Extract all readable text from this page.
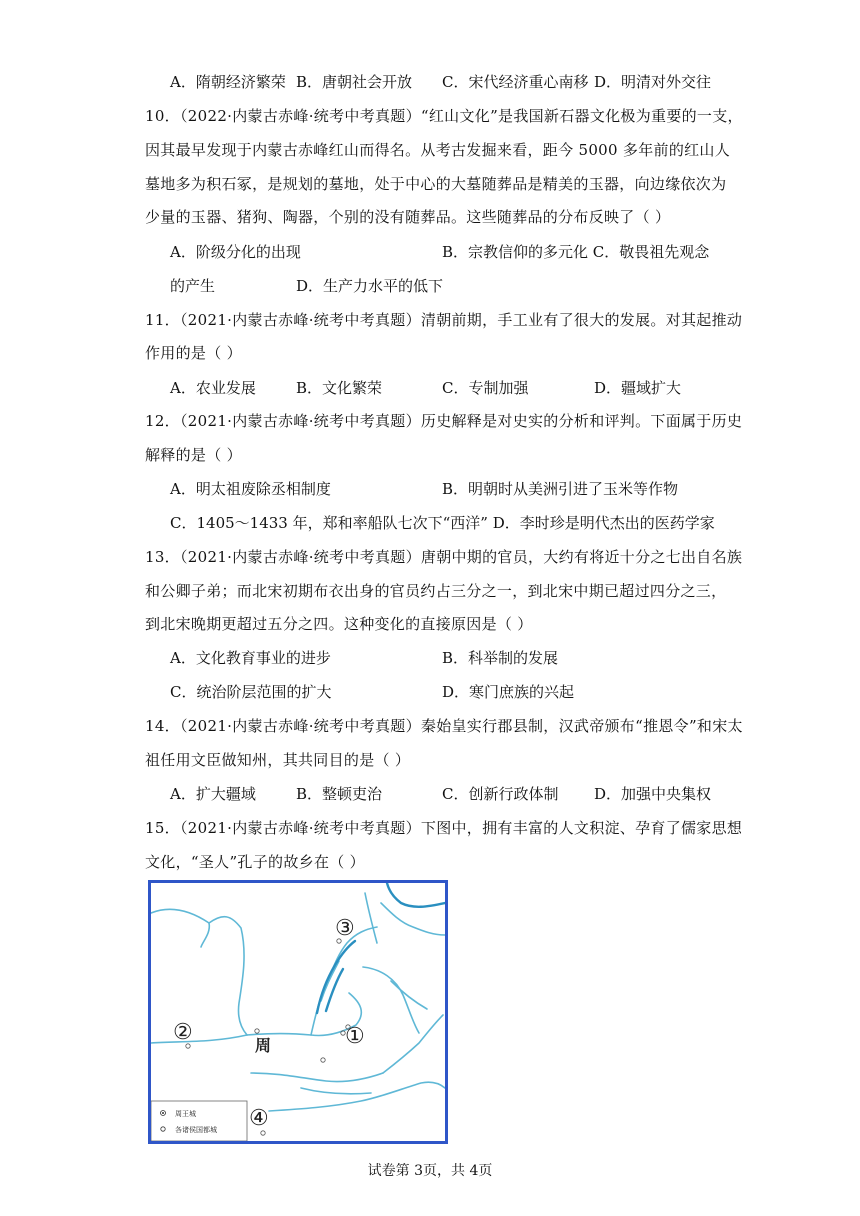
A．隋朝经济繁荣 B．唐朝社会开放 C．宋代经济重心南移 D．明清对外交往
10．（2022·内蒙古赤峰·统考中考真题）“红山文化”是我国新石器文化极为重要的一支，
因其最早发现于内蒙古赤峰红山而得名。从考古发掘来看，距今 5000 多年前的红山人
墓地多为积石冢，是规划的墓地，处于中心的大墓随葬品是精美的玉器，向边缘依次为
少量的玉器、猪狗、陶器，个别的没有随葬品。这些随葬品的分布反映了（ ）
A．阶级分化的出现	B．宗教信仰的多元化 C．敬畏祖先观念
的产生	D．生产力水平的低下
11．（2021·内蒙古赤峰·统考中考真题）清朝前期，手工业有了很大的发展。对其起推动
作用的是（ ）
A．农业发展	B．文化繁荣	C．专制加强	D．疆域扩大
12．（2021·内蒙古赤峰·统考中考真题）历史解释是对史实的分析和评判。下面属于历史
解释的是（ ）
A．明太祖废除丞相制度	B．明朝时从美洲引进了玉米等作物
C．1405～1433 年，郑和率船队七次下“西洋” D．李时珍是明代杰出的医药学家
13．（2021·内蒙古赤峰·统考中考真题）唐朝中期的官员，大约有将近十分之七出自名族
和公卿子弟；而北宋初期布衣出身的官员约占三分之一，到北宋中期已超过四分之三，
到北宋晚期更超过五分之四。这种变化的直接原因是（ ）
A．文化教育事业的进步	B．科举制的发展
C．统治阶层范围的扩大	D．寒门庶族的兴起
14．（2021·内蒙古赤峰·统考中考真题）秦始皇实行郡县制，汉武帝颁布“推恩令”和宋太
祖任用文臣做知州，其共同目的是（ ）
A．扩大疆域	B．整顿吏治	C．创新行政体制 D．加强中央集权
15．（2021·内蒙古赤峰·统考中考真题）下图中，拥有丰富的人文积淀、孕育了儒家思想
文化，“圣人”孔子的故乡在（ ）
③
②	①
④
周
周王城
各诸侯国都城
试卷第 3页，共 4页
